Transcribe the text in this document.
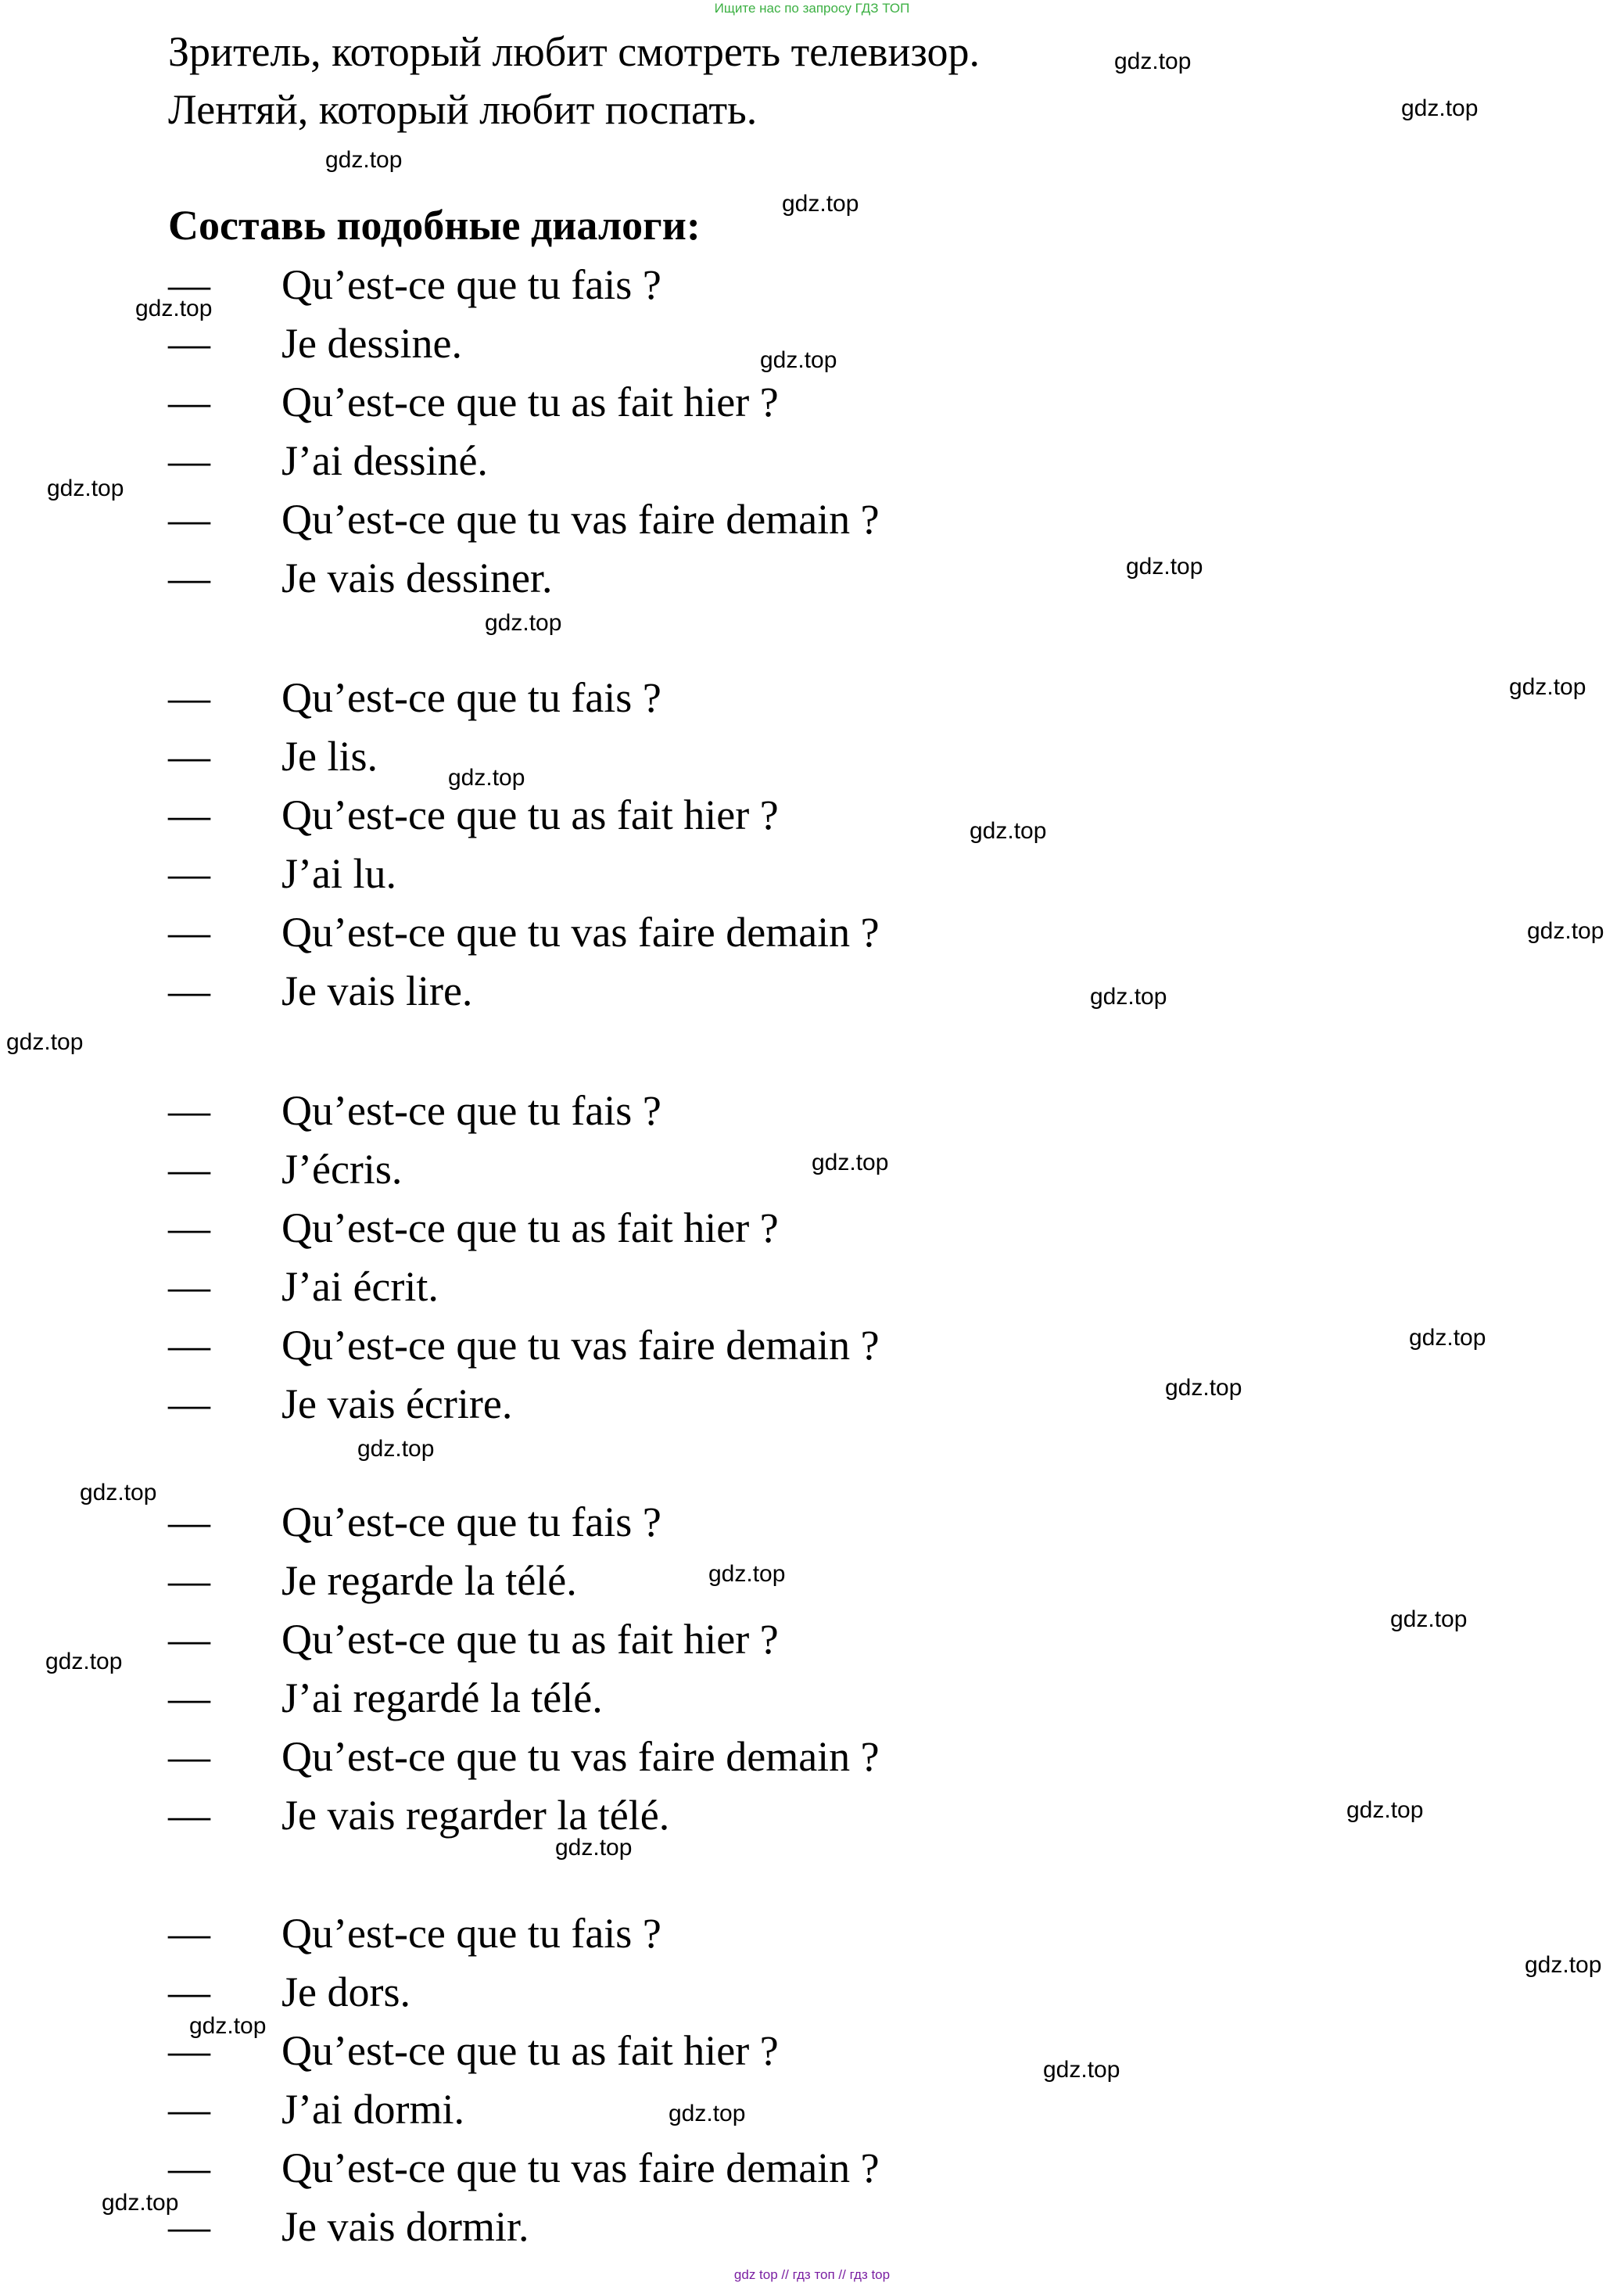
Ищите нас по запросу ГДЗ ТОП
Зритель, который любит смотреть телевизор.
Лентяй, который любит поспать.
Составь подобные диалоги:
— Qu’est-ce que tu fais ?
— Je dessine.
— Qu’est-ce que tu as fait hier ?
— J’ai dessiné.
— Qu’est-ce que tu vas faire demain ?
— Je vais dessiner.
— Qu’est-ce que tu fais ?
— Je lis.
— Qu’est-ce que tu as fait hier ?
— J’ai lu.
— Qu’est-ce que tu vas faire demain ?
— Je vais lire.
— Qu’est-ce que tu fais ?
— J’écris.
— Qu’est-ce que tu as fait hier ?
— J’ai écrit.
— Qu’est-ce que tu vas faire demain ?
— Je vais écrire.
— Qu’est-ce que tu fais ?
— Je regarde la télé.
— Qu’est-ce que tu as fait hier ?
— J’ai regardé la télé.
— Qu’est-ce que tu vas faire demain ?
— Je vais regarder la télé.
— Qu’est-ce que tu fais ?
— Je dors.
— Qu’est-ce que tu as fait hier ?
— J’ai dormi.
— Qu’est-ce que tu vas faire demain ?
— Je vais dormir.
gdz.top
gdz.top
gdz.top
gdz.top
gdz.top
gdz.top
gdz.top
gdz.top
gdz.top
gdz.top
gdz.top
gdz.top
gdz.top
gdz.top
gdz.top
gdz.top
gdz.top
gdz.top
gdz.top
gdz.top
gdz.top
gdz.top
gdz.top
gdz.top
gdz.top
gdz.top
gdz.top
gdz.top
gdz.top
gdz.top
gdz top // гдз топ // гдз top
